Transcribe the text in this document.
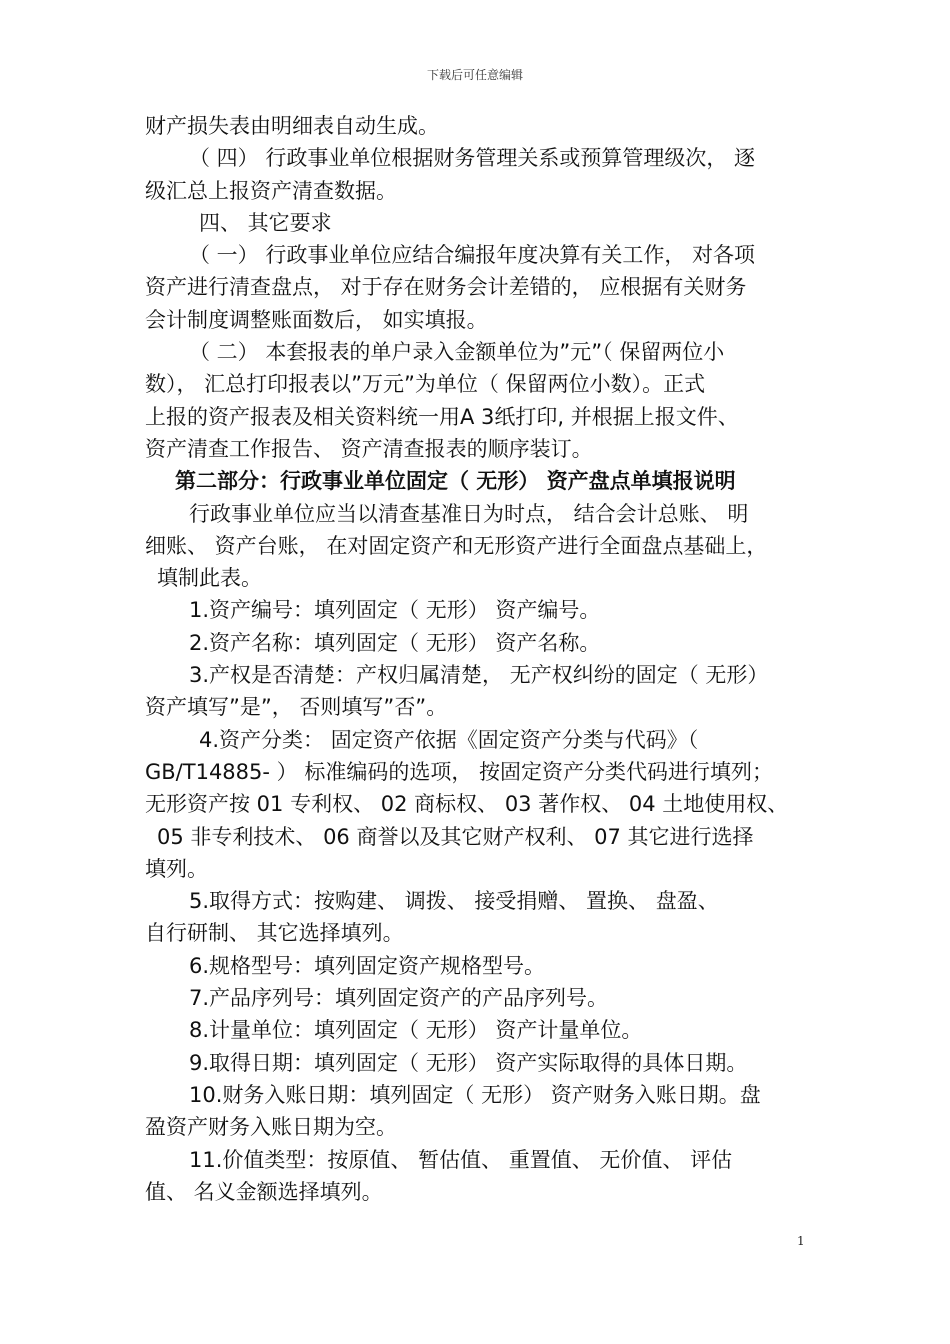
下载后可任意编辑
财产损失表由明细表自动生成。
（ 四） 行政事业单位根据财务管理关系或预算管理级次， 逐
级汇总上报资产清查数据。
四、 其它要求
（ 一） 行政事业单位应结合编报年度决算有关工作， 对各项
资产进行清查盘点， 对于存在财务会计差错的， 应根据有关财务
会计制度调整账面数后， 如实填报。
（ 二） 本套报表的单户录入金额单位为”元”（ 保留两位小
数）， 汇总打印报表以”万元”为单位（ 保留两位小数）。正式
上报的资产报表及相关资料统一用A 3纸打印, 并根据上报文件、
资产清查工作报告、 资产清查报表的顺序装订。
第二部分：行政事业单位固定（ 无形） 资产盘点单填报说明
行政事业单位应当以清查基准日为时点， 结合会计总账、 明
细账、 资产台账， 在对固定资产和无形资产进行全面盘点基础上，
填制此表。
1.资产编号：填列固定（ 无形） 资产编号。
2.资产名称：填列固定（ 无形） 资产名称。
3.产权是否清楚：产权归属清楚， 无产权纠纷的固定（ 无形）
资产填写”是”， 否则填写”否”。
4.资产分类： 固定资产依据《固定资产分类与代码》（
GB/T14885- ） 标准编码的选项， 按固定资产分类代码进行填列；
无形资产按 01 专利权、 02 商标权、 03 著作权、 04 土地使用权、
05 非专利技术、 06 商誉以及其它财产权利、 07 其它进行选择
填列。
5.取得方式：按购建、 调拨、 接受捐赠、 置换、 盘盈、
自行研制、 其它选择填列。
6.规格型号：填列固定资产规格型号。
7.产品序列号：填列固定资产的产品序列号。
8.计量单位：填列固定（ 无形） 资产计量单位。
9.取得日期：填列固定（ 无形） 资产实际取得的具体日期。
10.财务入账日期：填列固定（ 无形） 资产财务入账日期。盘
盈资产财务入账日期为空。
11.价值类型：按原值、 暂估值、 重置值、 无价值、 评估
值、 名义金额选择填列。
1
